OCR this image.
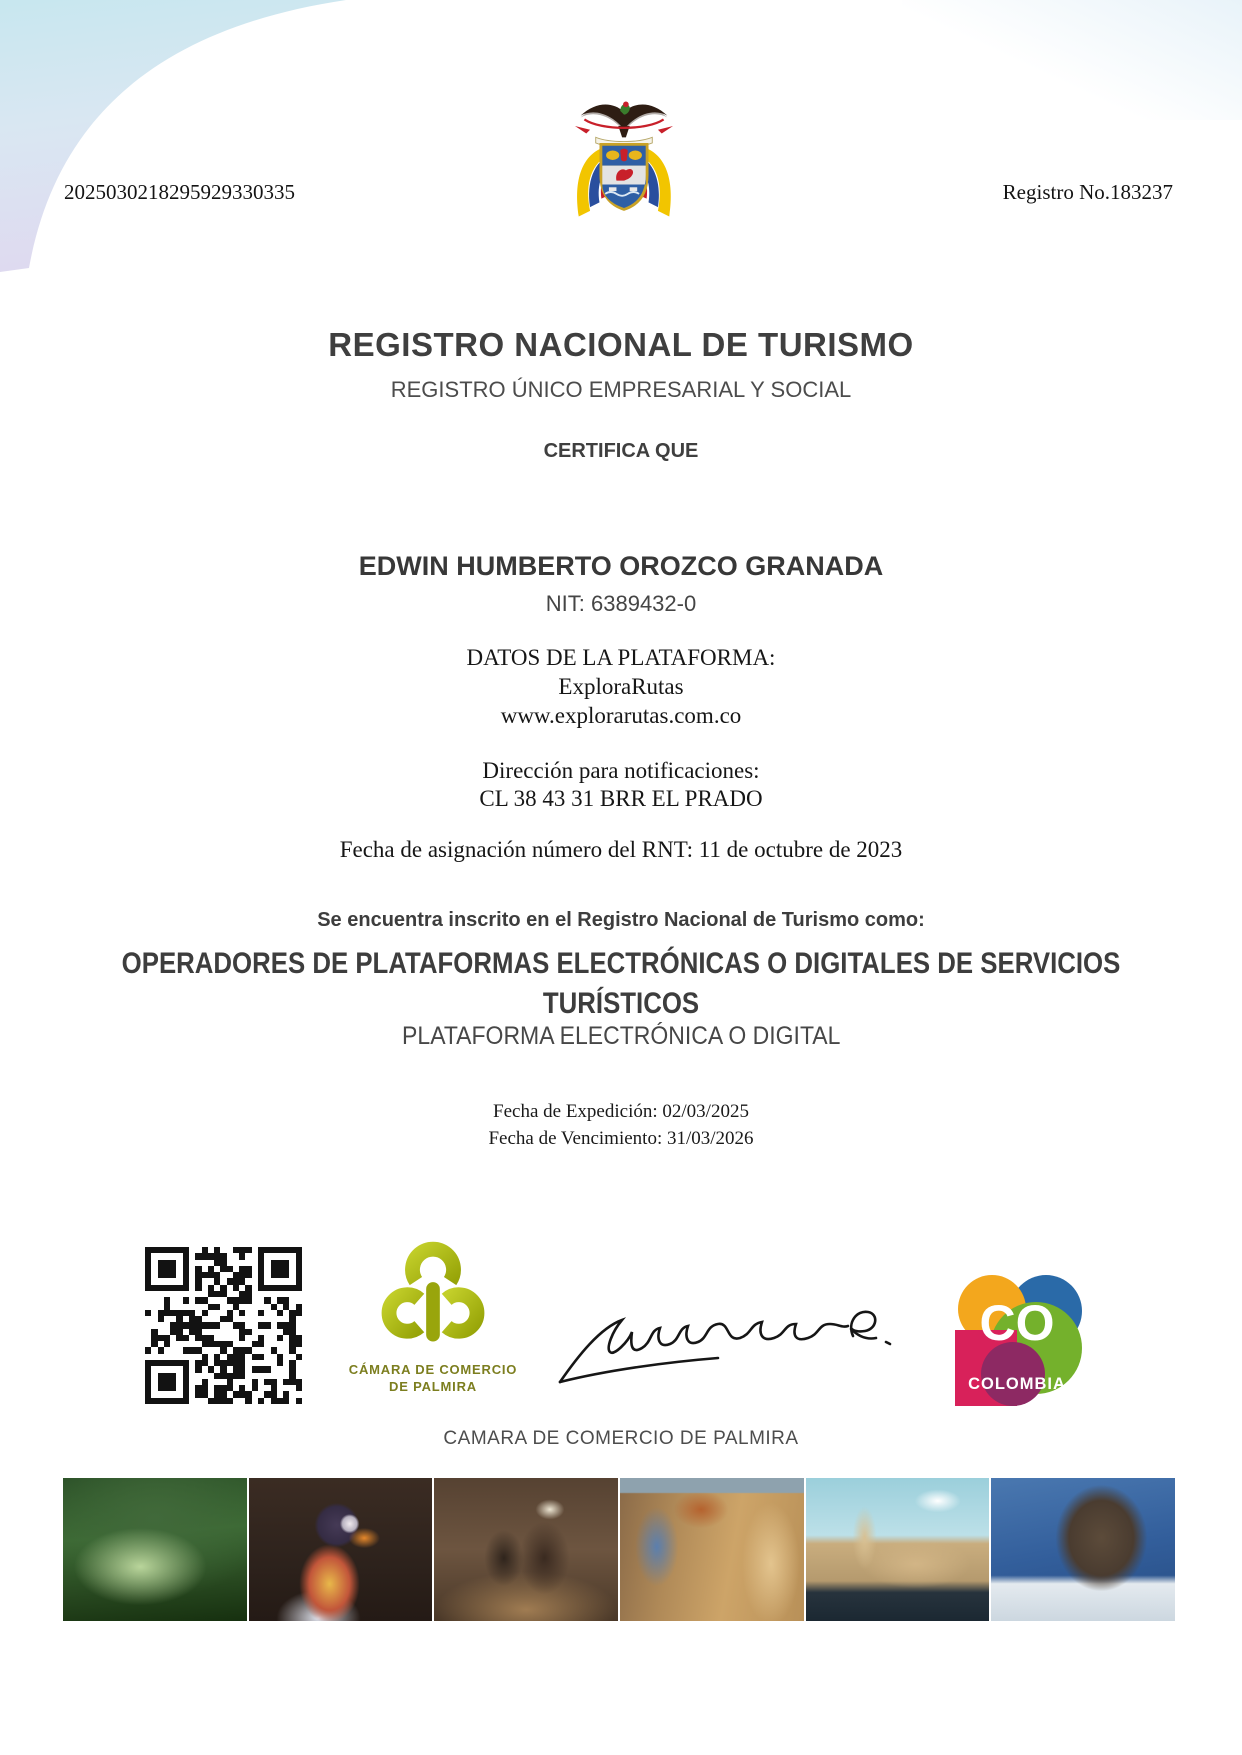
2025030218295929330335	Registro No.183237
REGISTRO NACIONAL DE TURISMO
REGISTRO ÚNICO EMPRESARIAL Y SOCIAL
CERTIFICA QUE
EDWIN HUMBERTO OROZCO GRANADA
NIT: 6389432-0
DATOS DE LA PLATAFORMA:
ExploraRutas
www.explorarutas.com.co
Dirección para notificaciones:
CL 38 43 31 BRR EL PRADO
Fecha de asignación número del RNT: 11 de octubre de 2023
Se encuentra inscrito en el Registro Nacional de Turismo como:
OPERADORES DE PLATAFORMAS ELECTRÓNICAS O DIGITALES DE SERVICIOS TURÍSTICOS
PLATAFORMA ELECTRÓNICA O DIGITAL
Fecha de Expedición: 02/03/2025
Fecha de Vencimiento: 31/03/2026
CÁMARA DE COMERCIO
DE PALMIRA
CO
COLOMBIA
CAMARA DE COMERCIO DE PALMIRA
